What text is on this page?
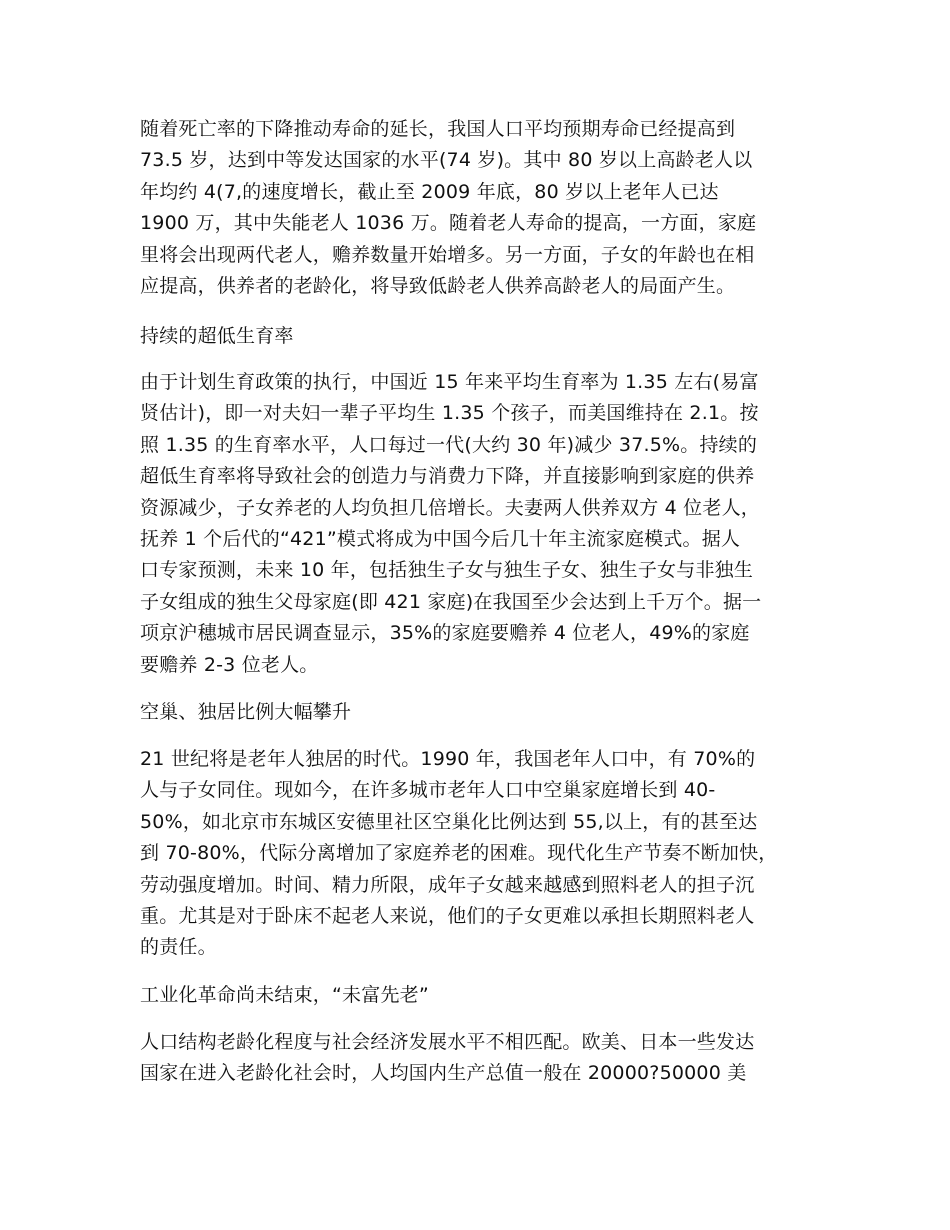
随着死亡率的下降推动寿命的延长，我国人口平均预期寿命已经提高到
73.5 岁，达到中等发达国家的水平(74 岁)。其中 80 岁以上高龄老人以
年均约 4(7,的速度增长，截止至 2009 年底，80 岁以上老年人已达
1900 万，其中失能老人 1036 万。随着老人寿命的提高，一方面，家庭
里将会出现两代老人，赡养数量开始增多。另一方面，子女的年龄也在相
应提高，供养者的老龄化，将导致低龄老人供养高龄老人的局面产生。
持续的超低生育率
由于计划生育政策的执行，中国近 15 年来平均生育率为 1.35 左右(易富
贤估计)，即一对夫妇一辈子平均生 1.35 个孩子，而美国维持在 2.1。按
照 1.35 的生育率水平，人口每过一代(大约 30 年)减少 37.5%。持续的
超低生育率将导致社会的创造力与消费力下降，并直接影响到家庭的供养
资源减少，子女养老的人均负担几倍增长。夫妻两人供养双方 4 位老人，
抚养 1 个后代的“421”模式将成为中国今后几十年主流家庭模式。据人
口专家预测，未来 10 年，包括独生子女与独生子女、独生子女与非独生
子女组成的独生父母家庭(即 421 家庭)在我国至少会达到上千万个。据一
项京沪穗城市居民调查显示，35%的家庭要赡养 4 位老人，49%的家庭
要赡养 2-3 位老人。
空巢、独居比例大幅攀升
21 世纪将是老年人独居的时代。1990 年，我国老年人口中，有 70%的
人与子女同住。现如今，在许多城市老年人口中空巢家庭增长到 40-
50%，如北京市东城区安德里社区空巢化比例达到 55,以上，有的甚至达
到 70-80%，代际分离增加了家庭养老的困难。现代化生产节奏不断加快，
劳动强度增加。时间、精力所限，成年子女越来越感到照料老人的担子沉
重。尤其是对于卧床不起老人来说，他们的子女更难以承担长期照料老人
的责任。
工业化革命尚未结束，“未富先老”
人口结构老龄化程度与社会经济发展水平不相匹配。欧美、日本一些发达
国家在进入老龄化社会时，人均国内生产总值一般在 20000?50000 美
